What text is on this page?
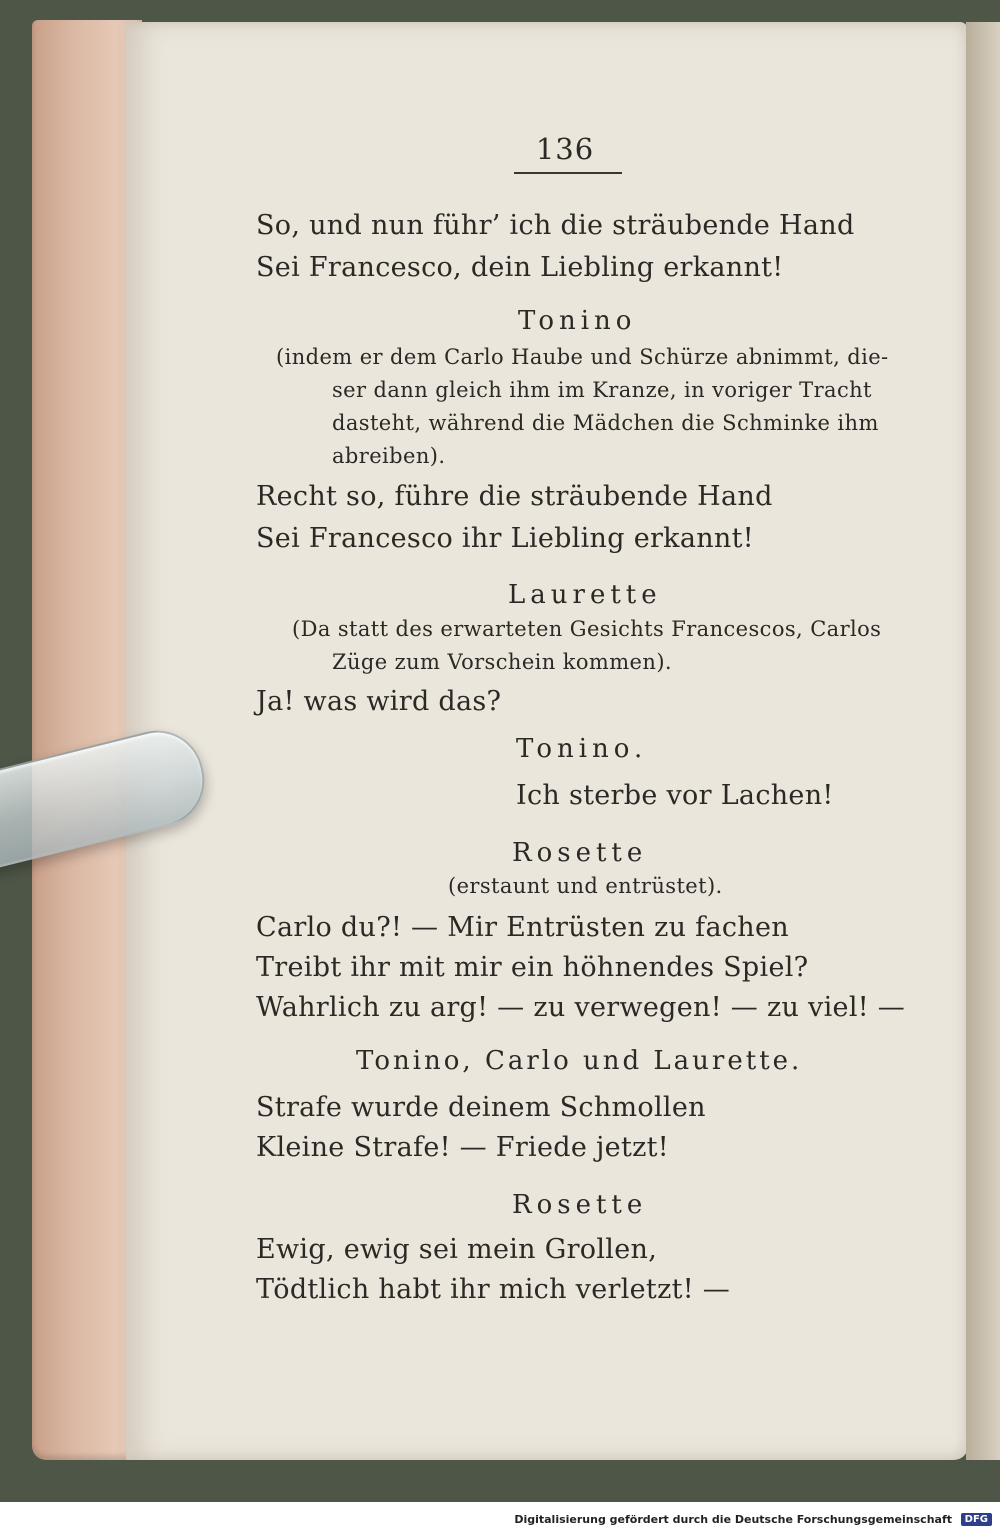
136
So, und nun führ’ ich die sträubende Hand
Sei Francesco, dein Liebling erkannt!
Tonino
(indem er dem Carlo Haube und Schürze abnimmt, die-
ser dann gleich ihm im Kranze, in voriger Tracht
dasteht, während die Mädchen die Schminke ihm
abreiben).
Recht so, führe die sträubende Hand
Sei Francesco ihr Liebling erkannt!
Laurette
(Da statt des erwarteten Gesichts Francescos, Carlos
Züge zum Vorschein kommen).
Ja! was wird das?
Tonino.
Ich sterbe vor Lachen!
Rosette
(erstaunt und entrüstet).
Carlo du?! — Mir Entrüsten zu fachen
Treibt ihr mit mir ein höhnendes Spiel?
Wahrlich zu arg! — zu verwegen! — zu viel! —
Tonino, Carlo und Laurette.
Strafe wurde deinem Schmollen
Kleine Strafe! — Friede jetzt!
Rosette
Ewig, ewig sei mein Grollen,
Tödtlich habt ihr mich verletzt! —
Digitalisierung gefördert durch die Deutsche Forschungsgemeinschaft	DFG
